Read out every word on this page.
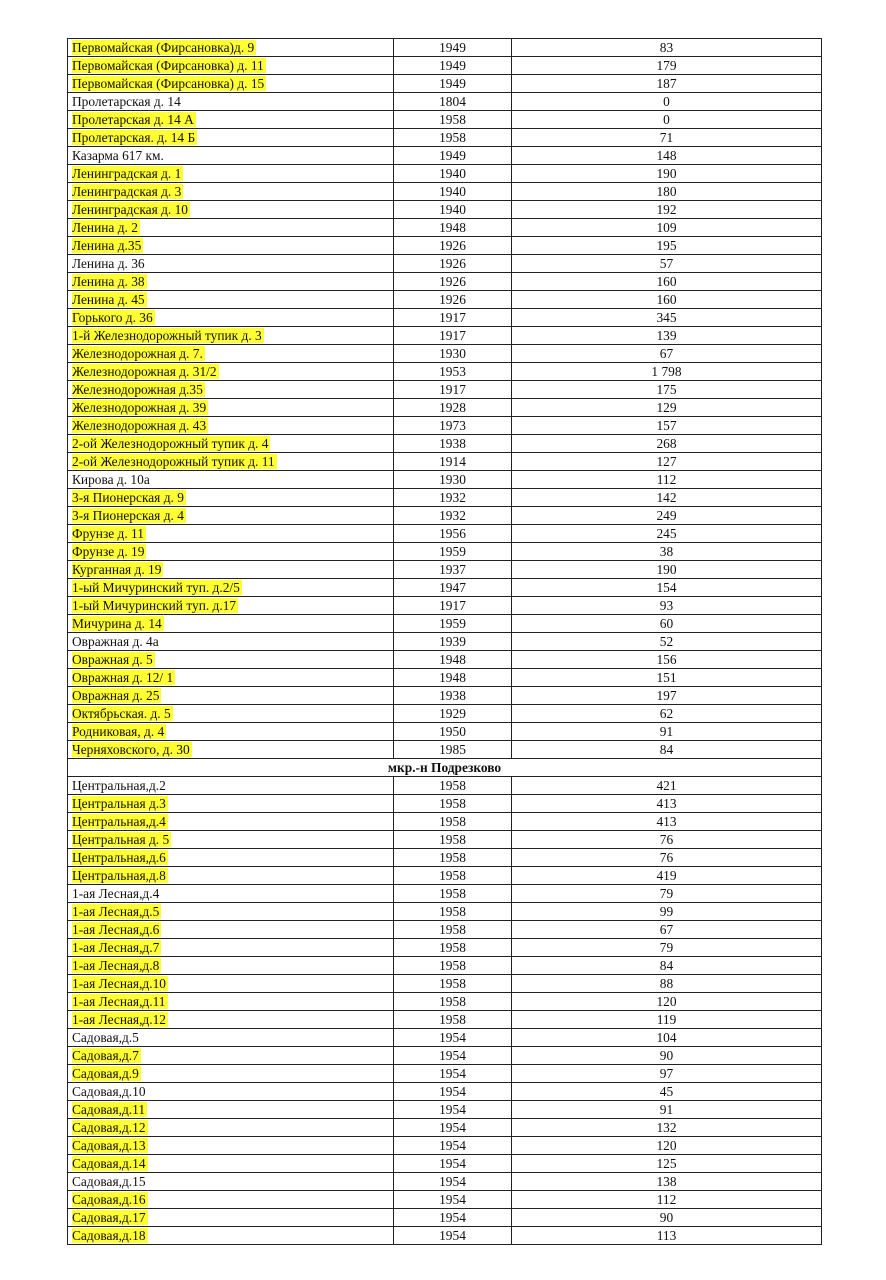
Первомайская (Фирсановка)д. 9	1949	83
Первомайская (Фирсановка) д. 11	1949	179
Первомайская (Фирсановка) д. 15	1949	187
Пролетарская д. 14	1804	0
Пролетарская д. 14 А	1958	0
Пролетарская. д. 14 Б	1958	71
Казарма 617 км.	1949	148
Ленинградская д. 1	1940	190
Ленинградская д. 3	1940	180
Ленинградская д. 10	1940	192
Ленина д. 2	1948	109
Ленина д.35	1926	195
Ленина д. 36	1926	57
Ленина д. 38	1926	160
Ленина д. 45	1926	160
Горького д. 36	1917	345
1-й Железнодорожный тупик д. 3	1917	139
Железнодорожная д. 7.	1930	67
Железнодорожная д. 31/2	1953	1 798
Железнодорожная д.35	1917	175
Железнодорожная д. 39	1928	129
Железнодорожная д. 43	1973	157
2-ой Железнодорожный тупик д. 4	1938	268
2-ой Железнодорожный тупик д. 11	1914	127
Кирова д. 10а	1930	112
3-я Пионерская д. 9	1932	142
3-я Пионерская д. 4	1932	249
Фрунзе д. 11	1956	245
Фрунзе д. 19	1959	38
Курганная д. 19	1937	190
1-ый Мичуринский туп. д.2/5	1947	154
1-ый Мичуринский туп. д.17	1917	93
Мичурина д. 14	1959	60
Овражная д. 4а	1939	52
Овражная д. 5	1948	156
Овражная д. 12/ 1	1948	151
Овражная д. 25	1938	197
Октябрьская. д. 5	1929	62
Родниковая, д. 4	1950	91
Черняховского, д. 30	1985	84
мкр.-н Подрезково		
Центральная,д.2	1958	421
Центральная д.3	1958	413
Центральная,д.4	1958	413
Центральная д. 5	1958	76
Центральная,д.6	1958	76
Центральная,д.8	1958	419
1-ая Лесная,д.4	1958	79
1-ая Лесная,д.5	1958	99
1-ая Лесная,д.6	1958	67
1-ая Лесная,д.7	1958	79
1-ая Лесная,д.8	1958	84
1-ая Лесная,д.10	1958	88
1-ая Лесная,д.11	1958	120
1-ая Лесная,д.12	1958	119
Садовая,д.5	1954	104
Садовая,д.7	1954	90
Садовая,д.9	1954	97
Садовая,д.10	1954	45
Садовая,д.11	1954	91
Садовая,д.12	1954	132
Садовая,д.13	1954	120
Садовая,д.14	1954	125
Садовая,д.15	1954	138
Садовая,д.16	1954	112
Садовая,д.17	1954	90
Садовая,д.18	1954	113
